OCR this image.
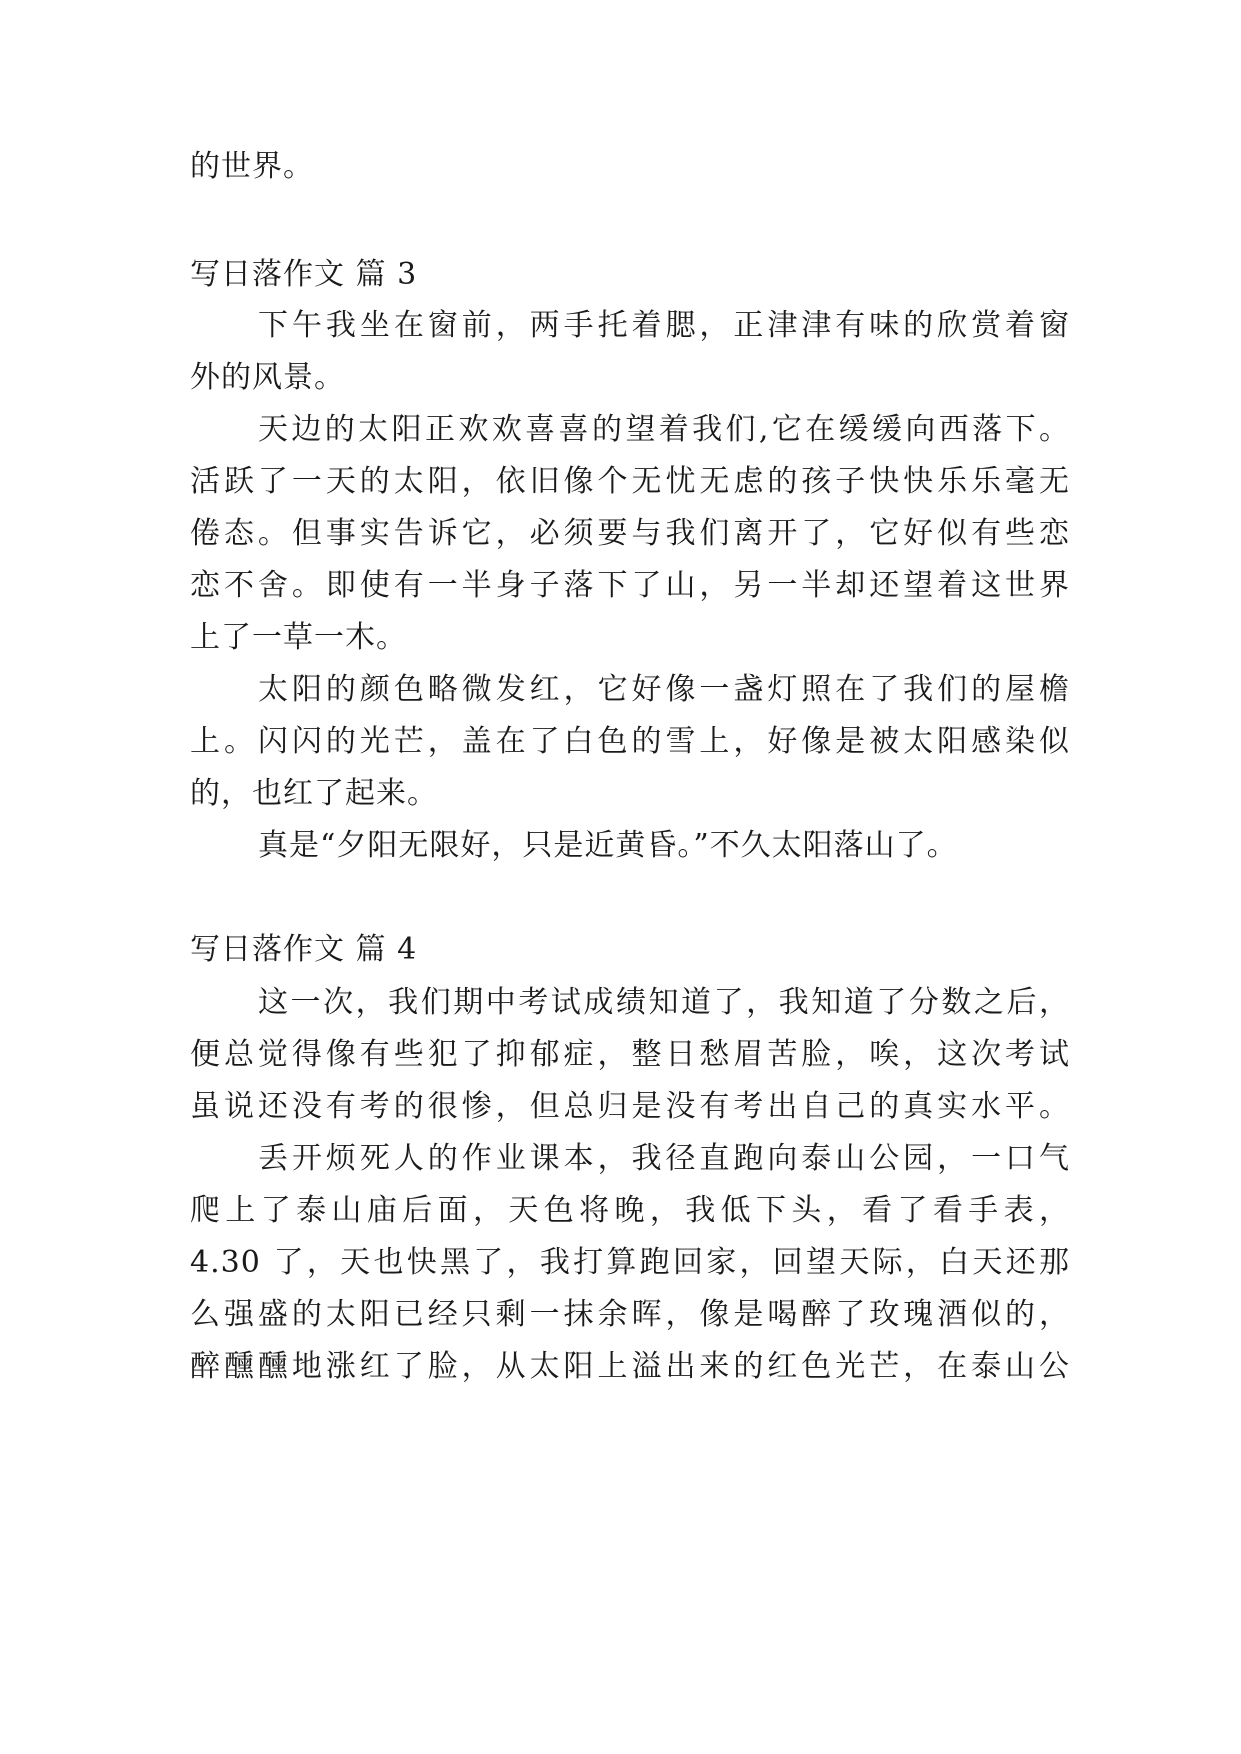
的世界。
写日落作文 篇 3
下午我坐在窗前，两手托着腮，正津津有味的欣赏着窗
外的风景。
天边的太阳正欢欢喜喜的望着我们,它在缓缓向西落下。
活跃了一天的太阳，依旧像个无忧无虑的孩子快快乐乐毫无
倦态。但事实告诉它，必须要与我们离开了，它好似有些恋
恋不舍。即使有一半身子落下了山，另一半却还望着这世界
上了一草一木。
太阳的颜色略微发红，它好像一盏灯照在了我们的屋檐
上。闪闪的光芒，盖在了白色的雪上，好像是被太阳感染似
的，也红了起来。
真是“夕阳无限好，只是近黄昏。”不久太阳落山了。
写日落作文 篇 4
这一次，我们期中考试成绩知道了，我知道了分数之后，
便总觉得像有些犯了抑郁症，整日愁眉苦脸，唉，这次考试
虽说还没有考的很惨，但总归是没有考出自己的真实水平。
丢开烦死人的作业课本，我径直跑向泰山公园，一口气
爬上了泰山庙后面，天色将晚，我低下头，看了看手表，
4.30 了，天也快黑了，我打算跑回家，回望天际，白天还那
么强盛的太阳已经只剩一抹余晖，像是喝醉了玫瑰酒似的，
醉醺醺地涨红了脸，从太阳上溢出来的红色光芒，在泰山公
